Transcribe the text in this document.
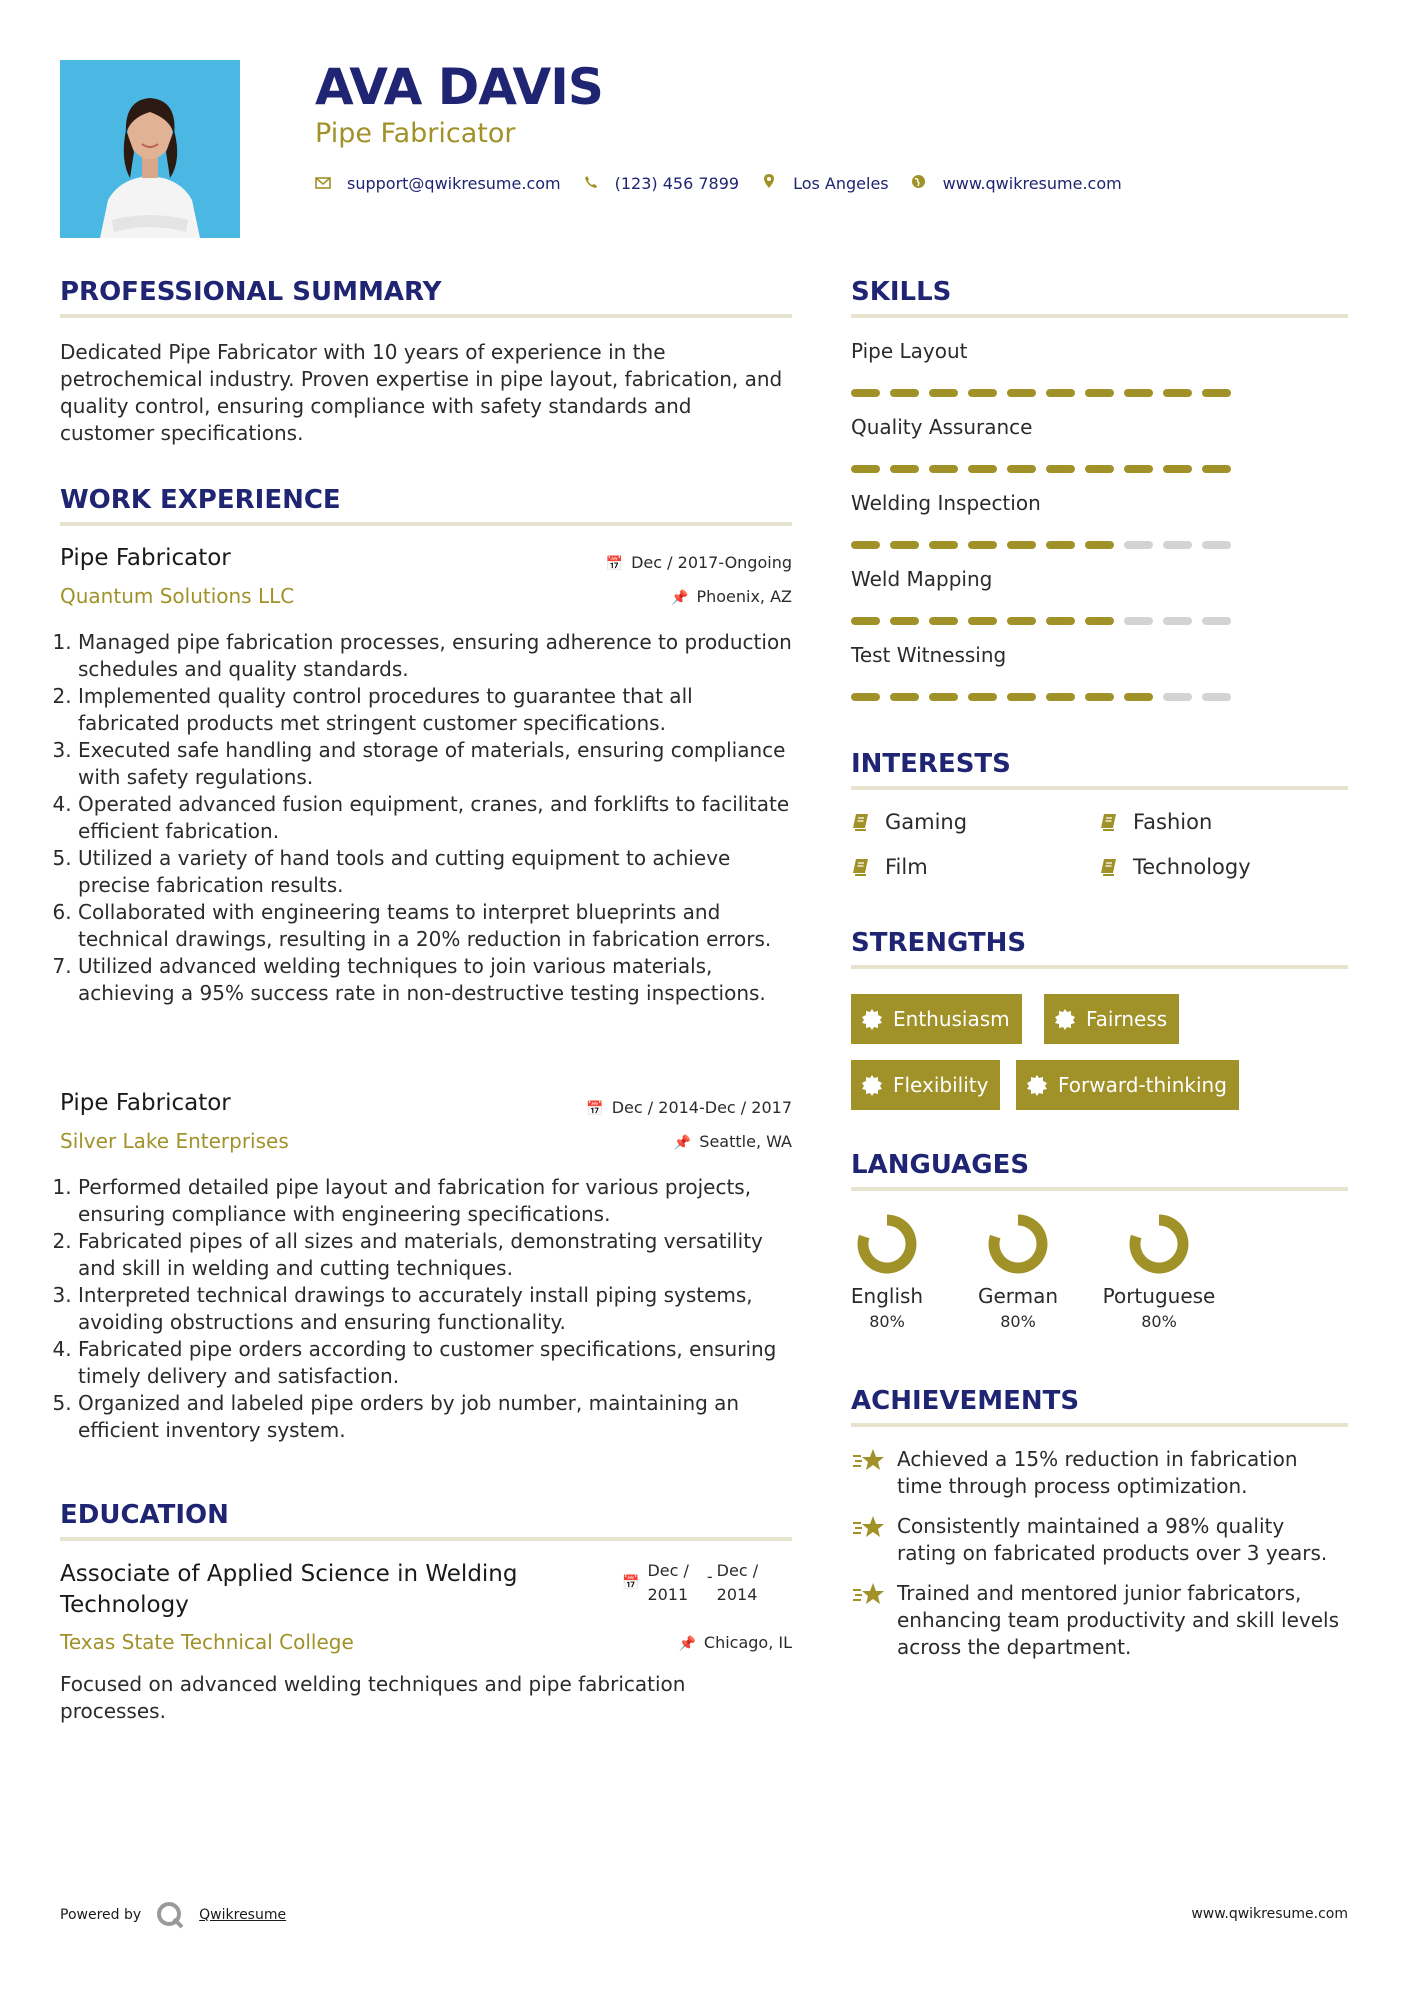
AVA DAVIS
Pipe Fabricator
support@qwikresume.com	(123) 456 7899	Los Angeles	www.qwikresume.com
PROFESSIONAL SUMMARY
Dedicated Pipe Fabricator with 10 years of experience in the petrochemical industry. Proven expertise in pipe layout, fabrication, and quality control, ensuring compliance with safety standards and customer specifications.
WORK EXPERIENCE
Pipe Fabricator
Quantum Solutions LLC
📅 Dec / 2017-Ongoing
📌 Phoenix, AZ
1. Managed pipe fabrication processes, ensuring adherence to production schedules and quality standards.
2. Implemented quality control procedures to guarantee that all fabricated products met stringent customer specifications.
3. Executed safe handling and storage of materials, ensuring compliance with safety regulations.
4. Operated advanced fusion equipment, cranes, and forklifts to facilitate efficient fabrication.
5. Utilized a variety of hand tools and cutting equipment to achieve precise fabrication results.
6. Collaborated with engineering teams to interpret blueprints and technical drawings, resulting in a 20% reduction in fabrication errors.
7. Utilized advanced welding techniques to join various materials, achieving a 95% success rate in non-destructive testing inspections.
Pipe Fabricator
Silver Lake Enterprises
📅 Dec / 2014-Dec / 2017
📌 Seattle, WA
1. Performed detailed pipe layout and fabrication for various projects, ensuring compliance with engineering specifications.
2. Fabricated pipes of all sizes and materials, demonstrating versatility and skill in welding and cutting techniques.
3. Interpreted technical drawings to accurately install piping systems, avoiding obstructions and ensuring functionality.
4. Fabricated pipe orders according to customer specifications, ensuring timely delivery and satisfaction.
5. Organized and labeled pipe orders by job number, maintaining an efficient inventory system.
EDUCATION
Associate of Applied Science in Welding Technology
Texas State Technical College
📅
Dec /
2011
- Dec /
2014
📌 Chicago, IL
Focused on advanced welding techniques and pipe fabrication processes.
SKILLS
Pipe Layout
Quality Assurance
Welding Inspection
Weld Mapping
Test Witnessing
INTERESTS
Gaming	Fashion
Film	Technology
STRENGTHS
Enthusiasm	Fairness
Flexibility	Forward-thinking
LANGUAGES
English
80%
German
80%
Portuguese
80%
ACHIEVEMENTS
Achieved a 15% reduction in fabrication time through process optimization.
Consistently maintained a 98% quality rating on fabricated products over 3 years.
Trained and mentored junior fabricators, enhancing team productivity and skill levels across the department.
Powered by	Qwikresume	www.qwikresume.com
